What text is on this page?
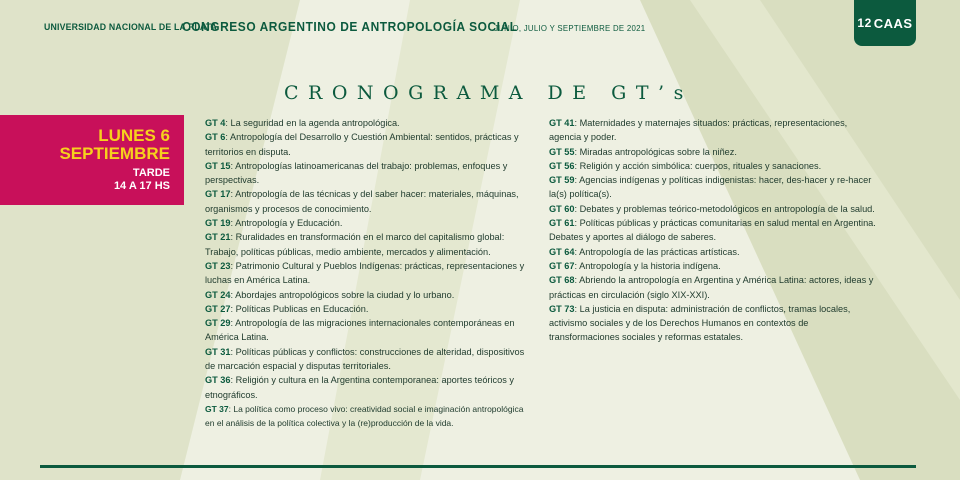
UNIVERSIDAD NACIONAL DE LA PLATA
CONGRESO ARGENTINO DE ANTROPOLOGÍA SOCIAL
JUNIO, JULIO Y SEPTIEMBRE DE 2021	12 CAAS
CRONOGRAMA DE GT’s
LUNES 6
SEPTIEMBRE
TARDE
14 A 17 HS

GT 4: La seguridad en la agenda antropológica.

GT 6: Antropología del Desarrollo y Cuestión Ambiental: sentidos, prácticas y territorios en disputa.

GT 15: Antropologías latinoamericanas del trabajo: problemas, enfoques y perspectivas.

GT 17: Antropología de las técnicas y del saber hacer: materiales, máquinas, organismos y procesos de conocimiento.

GT 19: Antropología y Educación.

GT 21: Ruralidades en transformación en el marco del capitalismo global: Trabajo, políticas públicas, medio ambiente, mercados y alimentación.

GT 23: Patrimonio Cultural y Pueblos Indígenas: prácticas, representaciones y luchas en América Latina.

GT 24: Abordajes antropológicos sobre la ciudad y lo urbano.

GT 27: Políticas Publicas en Educación.

GT 29: Antropología de las migraciones internacionales contemporáneas en América Latina.

GT 31: Políticas públicas y conflictos: construcciones de alteridad, dispositivos de marcación espacial y disputas territoriales.

GT 36: Religión y cultura en la Argentina contemporanea: aportes teóricos y etnográficos.

GT 37: La política como proceso vivo: creatividad social e imaginación antropológica en el análisis de la política colectiva y la (re)producción de la vida.

GT 41: Maternidades y maternajes situados: prácticas, representaciones, agencia y poder.

GT 55: Miradas antropológicas sobre la niñez.

GT 56: Religión y acción simbólica: cuerpos, rituales y sanaciones.

GT 59: Agencias indígenas y políticas indigenistas: hacer, des-hacer y re-hacer la(s) política(s).

GT 60: Debates y problemas teórico-metodológicos en antropología de la salud.

GT 61: Políticas públicas y prácticas comunitarias en salud mental en Argentina. Debates y aportes al diálogo de saberes.

GT 64: Antropología de las prácticas artísticas.

GT 67: Antropología y la historia indígena.

GT 68: Abriendo la antropología en Argentina y América Latina: actores, ideas y prácticas en circulación (siglo XIX-XXI).

GT 73: La justicia en disputa: administración de conflictos, tramas locales, activismo sociales y de los Derechos Humanos en contextos de transformaciones sociales y reformas estatales.
